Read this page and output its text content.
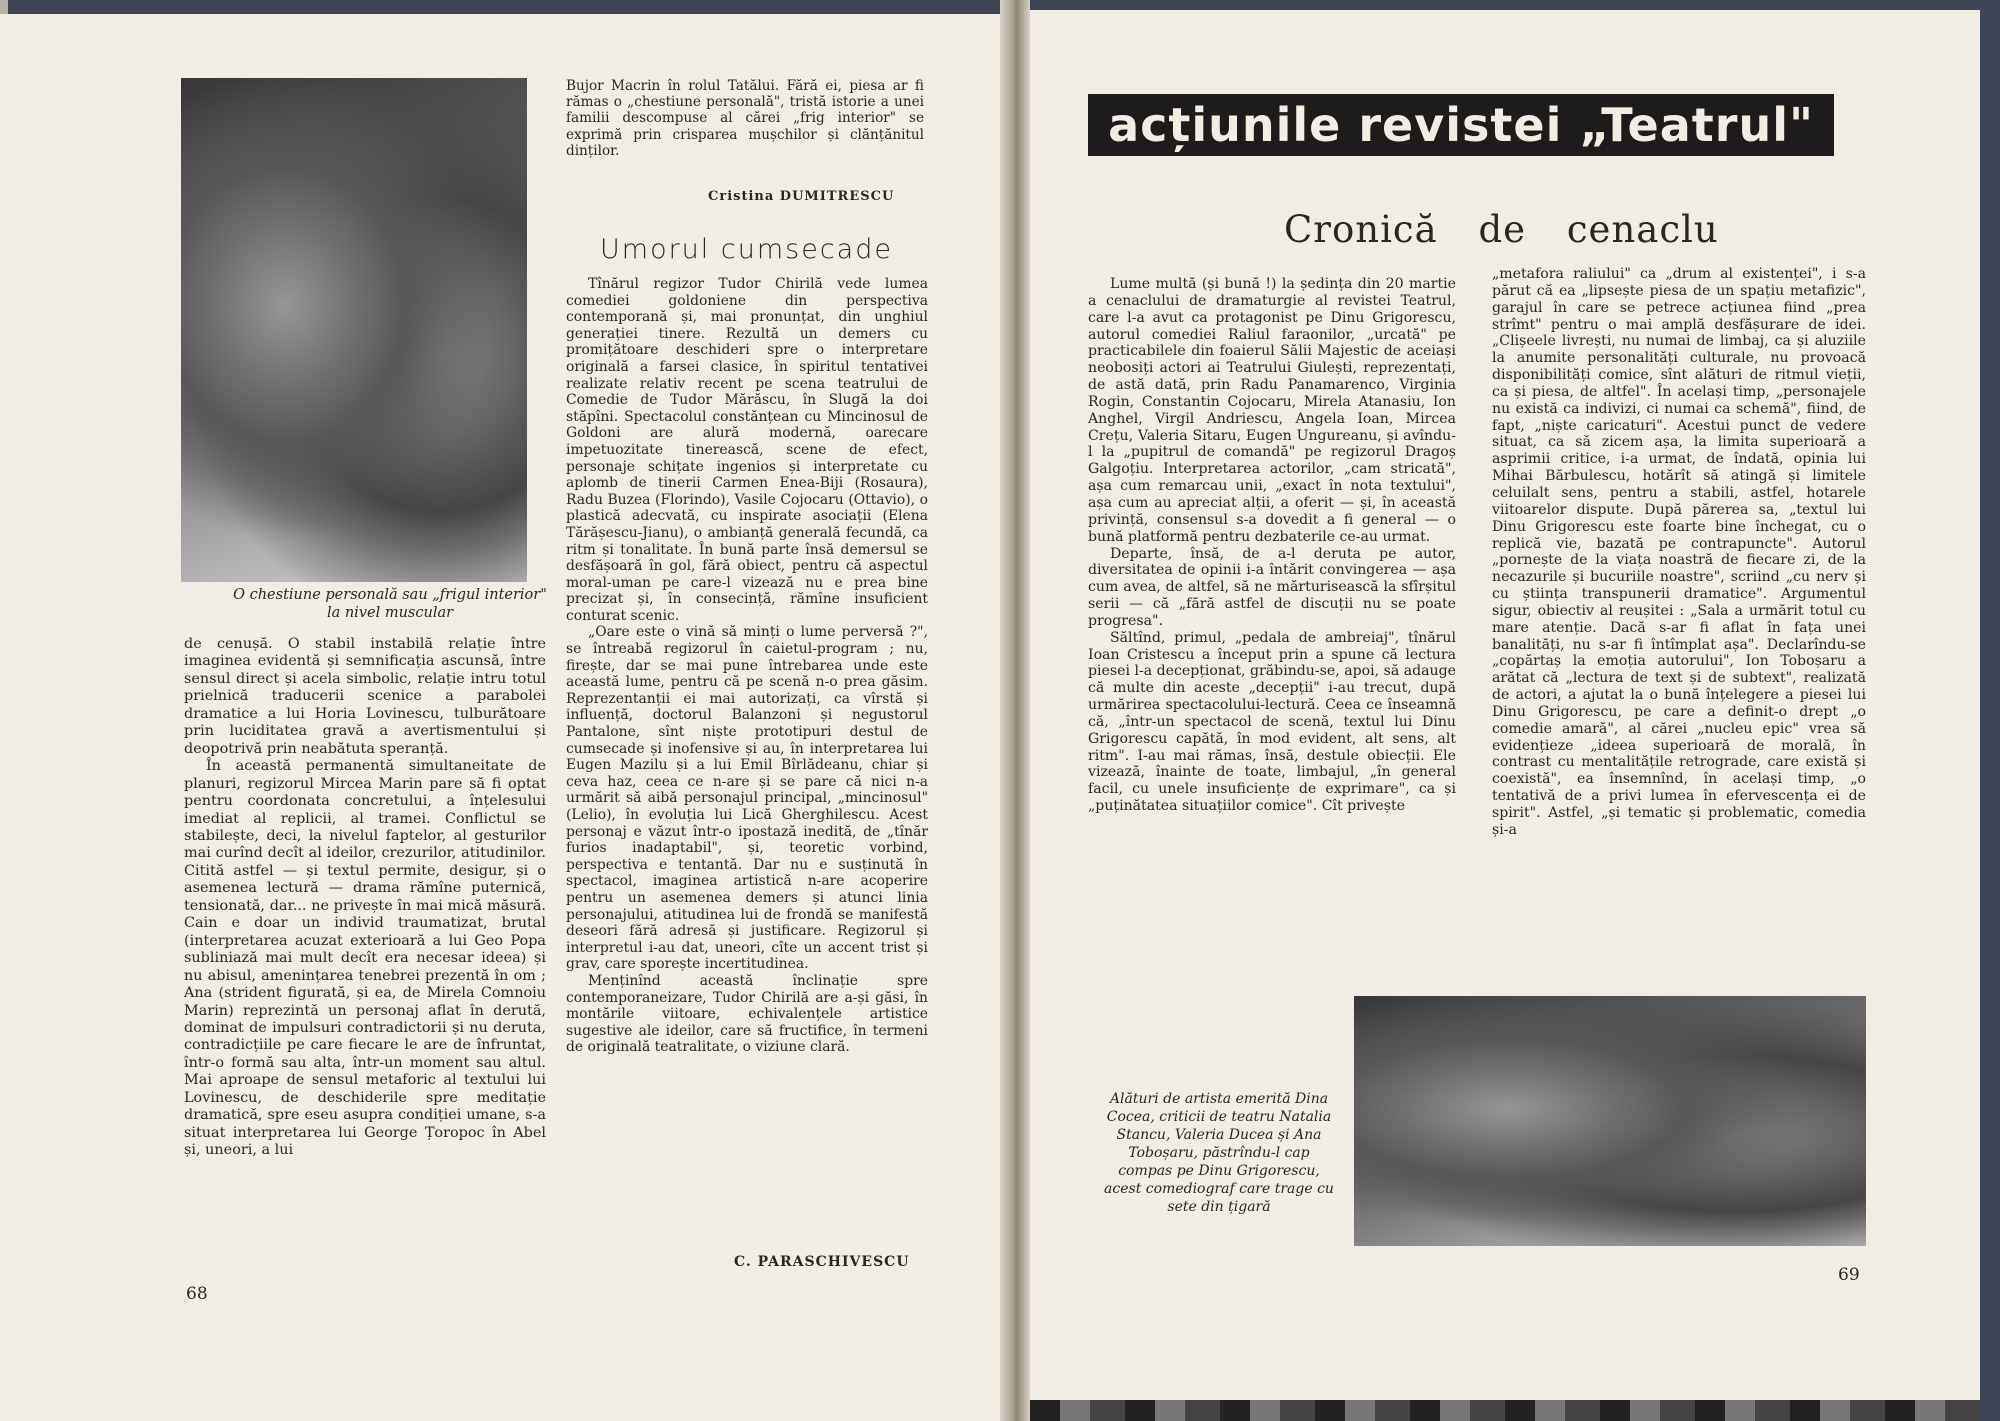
O chestiune personală sau „frigul interior" la nivel muscular

de cenușă. O stabil instabilă relație între imaginea evidentă și semnificația ascunsă, între sensul direct și acela simbolic, relație intru totul prielnică traducerii scenice a parabolei dramatice a lui Horia Lovinescu, tulburătoare prin luciditatea gravă a avertismentului și deopotrivă prin neabătuta speranță.

În această permanentă simultaneitate de planuri, regizorul Mircea Marin pare să fi optat pentru coordonata concretului, a înțelesului imediat al replicii, al tramei. Conflictul se stabilește, deci, la nivelul faptelor, al gesturilor mai curînd decît al ideilor, crezurilor, atitudinilor. Citită astfel — și textul permite, desigur, și o asemenea lectură — drama rămîne puternică, tensionată, dar... ne privește în mai mică măsură. Cain e doar un individ traumatizat, brutal (interpretarea acuzat exterioară a lui Geo Popa subliniază mai mult decît era necesar ideea) și nu abisul, amenințarea tenebrei prezentă în om ; Ana (strident figurată, și ea, de Mirela Comnoiu Marin) reprezintă un personaj aflat în derută, dominat de impulsuri contradictorii și nu deruta, contradicțiile pe care fiecare le are de înfruntat, într-o formă sau alta, într-un moment sau altul. Mai aproape de sensul metaforic al textului lui Lovinescu, de deschiderile spre meditație dramatică, spre eseu asupra condiției umane, s-a situat interpretarea lui George Țoropoc în Abel și, uneori, a lui

Bujor Macrin în rolul Tatălui. Fără ei, piesa ar fi rămas o „chestiune personală", tristă istorie a unei familii descompuse al cărei „frig interior" se exprimă prin crisparea mușchilor și clănțănitul dinților.

Cristina DUMITRESCU
Umorul cumsecade

Tînărul regizor Tudor Chirilă vede lumea comediei goldoniene din perspectiva contemporană și, mai pronunțat, din unghiul generației tinere. Rezultă un demers cu promițătoare deschideri spre o interpretare originală a farsei clasice, în spiritul tentativei realizate relativ recent pe scena teatrului de Comedie de Tudor Mărăscu, în Slugă la doi stăpîni. Spectacolul constănțean cu Mincinosul de Goldoni are alură modernă, oarecare impetuozitate tinerească, scene de efect, personaje schițate ingenios și interpretate cu aplomb de tinerii Carmen Enea-Biji (Rosaura), Radu Buzea (Florindo), Vasile Cojocaru (Ottavio), o plastică adecvată, cu inspirate asociații (Elena Tărășescu-Jianu), o ambianță generală fecundă, ca ritm și tonalitate. În bună parte însă demersul se desfășoară în gol, fără obiect, pentru că aspectul moral-uman pe care-l vizează nu e prea bine precizat și, în consecință, rămîne insuficient conturat scenic.

„Oare este o vină să minți o lume perversă ?", se întreabă regizorul în caietul-program ; nu, firește, dar se mai pune întrebarea unde este această lume, pentru că pe scenă n-o prea găsim. Reprezentanții ei mai autorizați, ca vîrstă și influență, doctorul Balanzoni și negustorul Pantalone, sînt niște prototipuri destul de cumsecade și inofensive și au, în interpretarea lui Eugen Mazilu și a lui Emil Bîrlădeanu, chiar și ceva haz, ceea ce n-are și se pare că nici n-a urmărit să aibă personajul principal, „mincinosul" (Lelio), în evoluția lui Lică Gherghilescu. Acest personaj e văzut într-o ipostază inedită, de „tînăr furios inadaptabil", și, teoretic vorbind, perspectiva e tentantă. Dar nu e susținută în spectacol, imaginea artistică n-are acoperire pentru un asemenea demers și atunci linia personajului, atitudinea lui de frondă se manifestă deseori fără adresă și justificare. Regizorul și interpretul i-au dat, uneori, cîte un accent trist și grav, care sporește incertitudinea.

Menținînd această înclinație spre contemporaneizare, Tudor Chirilă are a-și găsi, în montările viitoare, echivalențele artistice sugestive ale ideilor, care să fructifice, în termeni de originală teatralitate, o viziune clară.

C. PARASCHIVESCU
68
acțiunile revistei „Teatrul"
Cronică de cenaclu

Lume multă (și bună !) la ședința din 20 martie a cenaclului de dramaturgie al revistei Teatrul, care l-a avut ca protagonist pe Dinu Grigorescu, autorul comediei Raliul faraonilor, „urcată" pe practicabilele din foaierul Sălii Majestic de aceiași neobosiți actori ai Teatrului Giulești, reprezentați, de astă dată, prin Radu Panamarenco, Virginia Rogin, Constantin Cojocaru, Mirela Atanasiu, Ion Anghel, Virgil Andriescu, Angela Ioan, Mircea Crețu, Valeria Sitaru, Eugen Ungureanu, și avîndu-l la „pupitrul de comandă" pe regizorul Dragoș Galgoțiu. Interpretarea actorilor, „cam stricată", așa cum remarcau unii, „exact în nota textului", așa cum au apreciat alții, a oferit — și, în această privință, consensul s-a dovedit a fi general — o bună platformă pentru dezbaterile ce-au urmat.

Departe, însă, de a-l deruta pe autor, diversitatea de opinii i-a întărit convingerea — așa cum avea, de altfel, să ne mărturisească la sfîrșitul serii — că „fără astfel de discuții nu se poate progresa".

Săltînd, primul, „pedala de ambreiaj", tînărul Ioan Cristescu a început prin a spune că lectura piesei l-a decepționat, grăbindu-se, apoi, să adauge că multe din aceste „decepții" i-au trecut, după urmărirea spectacolului-lectură. Ceea ce înseamnă că, „într-un spectacol de scenă, textul lui Dinu Grigorescu capătă, în mod evident, alt sens, alt ritm". I-au mai rămas, însă, destule obiecții. Ele vizează, înainte de toate, limbajul, „în general facil, cu unele insuficiențe de exprimare", ca și „puținătatea situațiilor comice". Cît privește

„metafora raliului" ca „drum al existenței", i s-a părut că ea „lipsește piesa de un spațiu metafizic", garajul în care se petrece acțiunea fiind „prea strîmt" pentru o mai amplă desfășurare de idei. „Clișeele livrești, nu numai de limbaj, ca și aluziile la anumite personalități culturale, nu provoacă disponibilități comice, sînt alături de ritmul vieții, ca și piesa, de altfel". În același timp, „personajele nu există ca indivizi, ci numai ca schemă", fiind, de fapt, „niște caricaturi". Acestui punct de vedere situat, ca să zicem așa, la limita superioară a asprimii critice, i-a urmat, de îndată, opinia lui Mihai Bărbulescu, hotărît să atingă și limitele celuilalt sens, pentru a stabili, astfel, hotarele viitoarelor dispute. După părerea sa, „textul lui Dinu Grigorescu este foarte bine închegat, cu o replică vie, bazată pe contrapuncte". Autorul „pornește de la viața noastră de fiecare zi, de la necazurile și bucuriile noastre", scriind „cu nerv și cu știința transpunerii dramatice". Argumentul sigur, obiectiv al reușitei : „Sala a urmărit totul cu mare atenție. Dacă s-ar fi aflat în fața unei banalități, nu s-ar fi întîmplat așa". Declarîndu-se „copărtaș la emoția autorului", Ion Toboșaru a arătat că „lectura de text și de subtext", realizată de actori, a ajutat la o bună înțelegere a piesei lui Dinu Grigorescu, pe care a definit-o drept „o comedie amară", al cărei „nucleu epic" vrea să evidențieze „ideea superioară de morală, în contrast cu mentalitățile retrograde, care există și coexistă", ea însemnînd, în același timp, „o tentativă de a privi lumea în efervescența ei de spirit". Astfel, „și tematic și problematic, comedia și-a

Alături de artista emerită Dina Cocea, criticii de teatru Natalia Stancu, Valeria Ducea și Ana Toboșaru, păstrîndu-l cap compas pe Dinu Grigorescu, acest comediograf care trage cu sete din țigară
69
